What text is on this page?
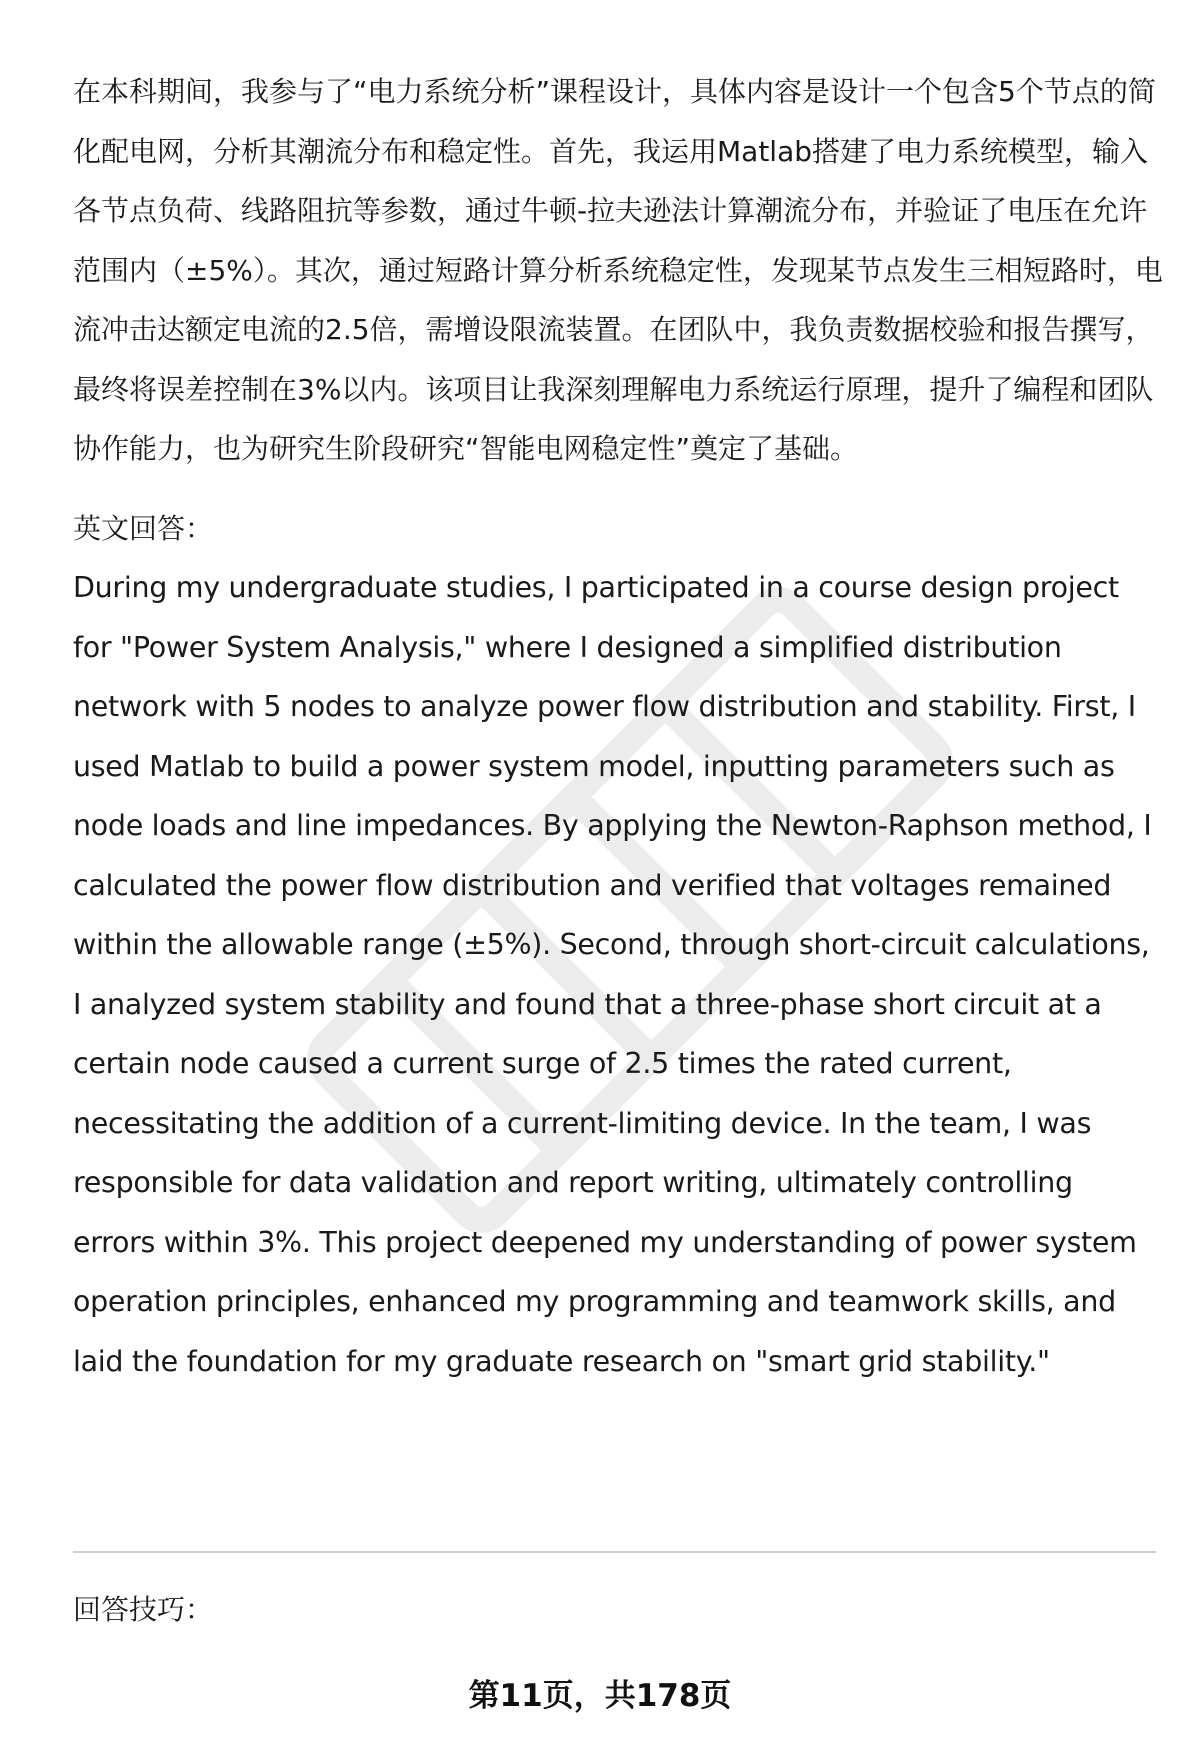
在本科期间，我参与了“电力系统分析”课程设计，具体内容是设计一个包含5个节点的简化配电网，分析其潮流分布和稳定性。首先，我运用Matlab搭建了电力系统模型，输入各节点负荷、线路阻抗等参数，通过牛顿-拉夫逊法计算潮流分布，并验证了电压在允许范围内（±5%）。其次，通过短路计算分析系统稳定性，发现某节点发生三相短路时，电流冲击达额定电流的2.5倍，需增设限流装置。在团队中，我负责数据校验和报告撰写，最终将误差控制在3%以内。该项目让我深刻理解电力系统运行原理，提升了编程和团队协作能力，也为研究生阶段研究“智能电网稳定性”奠定了基础。

英文回答：

During my undergraduate studies, I participated in a course design project for "Power System Analysis," where I designed a simplified distribution network with 5 nodes to analyze power flow distribution and stability. First, I used Matlab to build a power system model, inputting parameters such as node loads and line impedances. By applying the Newton-Raphson method, I calculated the power flow distribution and verified that voltages remained within the allowable range (±5%). Second, through short-circuit calculations, I analyzed system stability and found that a three-phase short circuit at a certain node caused a current surge of 2.5 times the rated current, necessitating the addition of a current-limiting device. In the team, I was responsible for data validation and report writing, ultimately controlling errors within 3%. This project deepened my understanding of power system operation principles, enhanced my programming and teamwork skills, and laid the foundation for my graduate research on "smart grid stability."

回答技巧：
第11页，共178页
